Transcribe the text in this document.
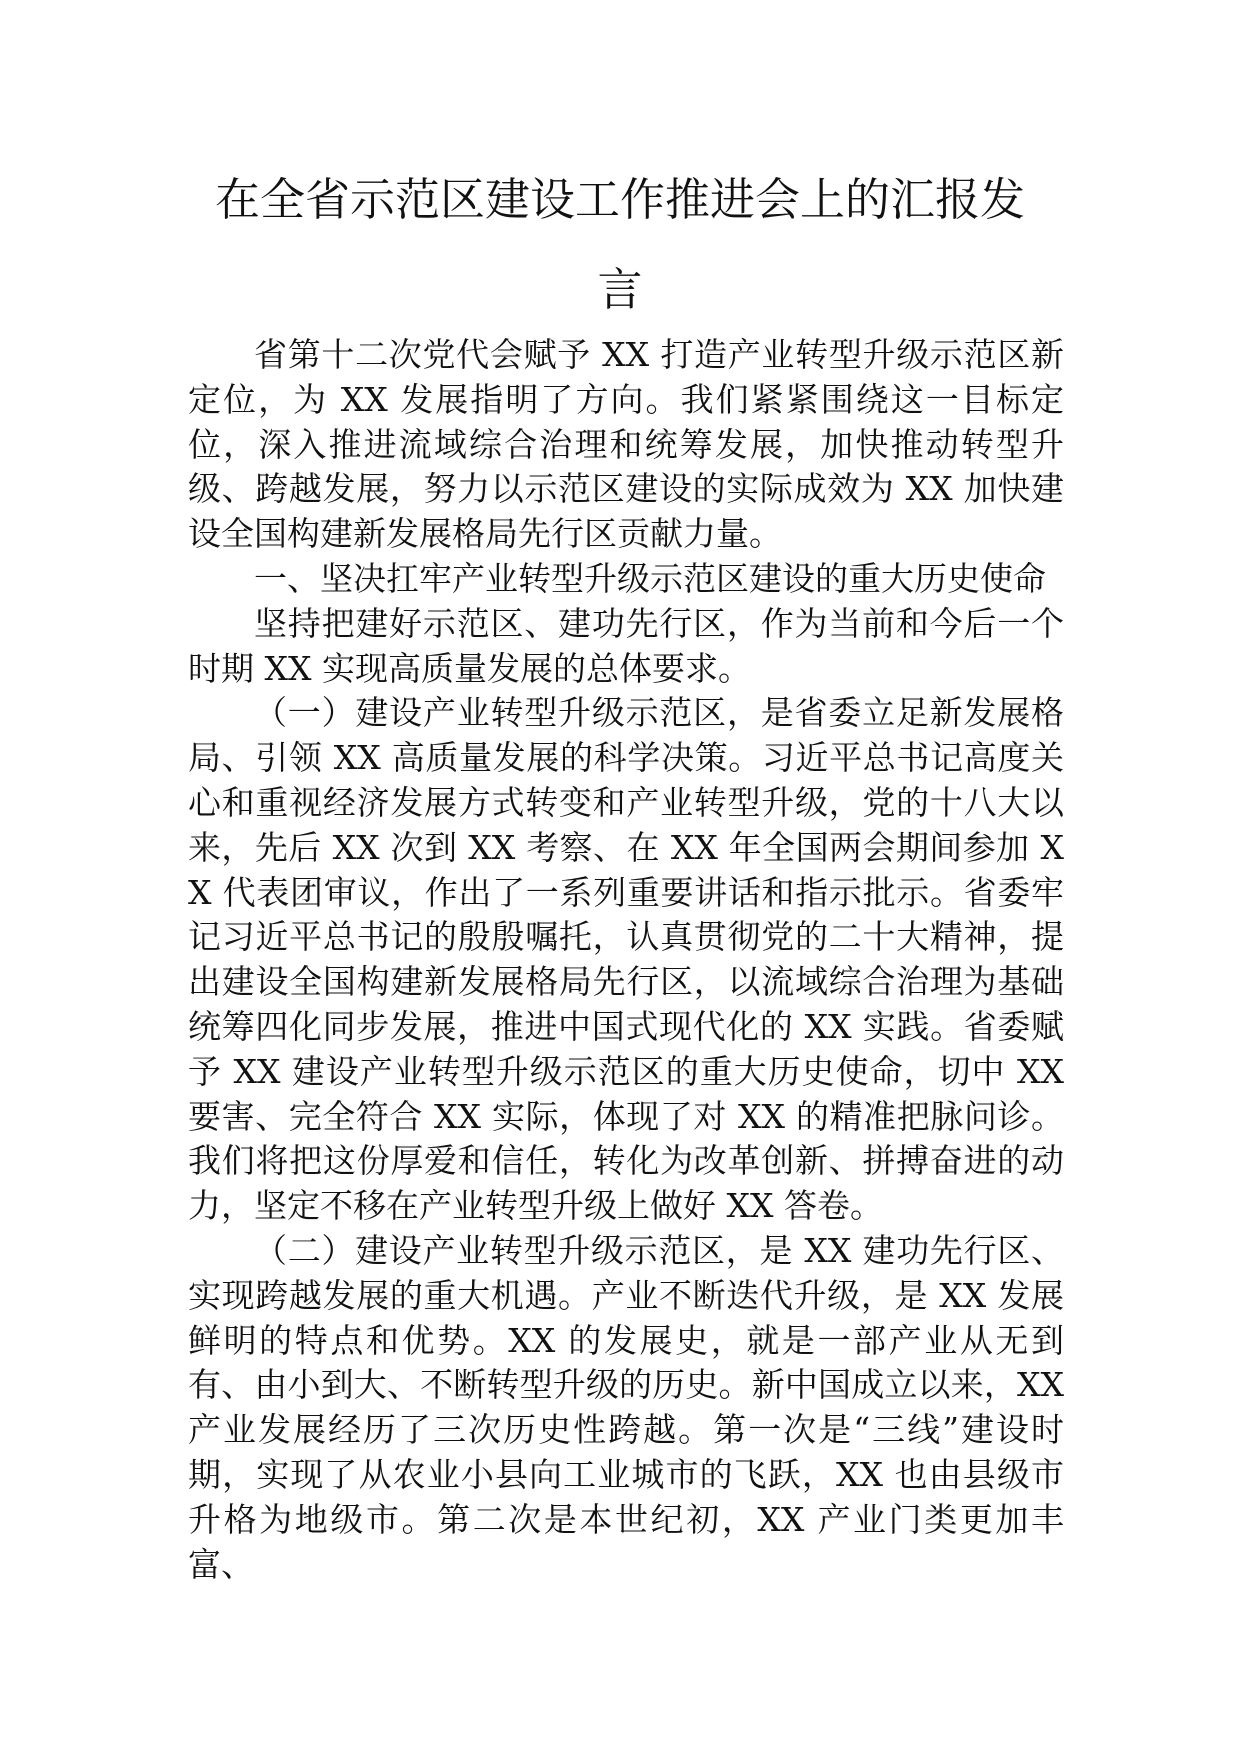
在全省示范区建设工作推进会上的汇报发
言

省第十二次党代会赋予 XX 打造产业转型升级示范区新定位，为 XX 发展指明了方向。我们紧紧围绕这一目标定位，深入推进流域综合治理和统筹发展，加快推动转型升级、跨越发展，努力以示范区建设的实际成效为 XX 加快建设全国构建新发展格局先行区贡献力量。

一、坚决扛牢产业转型升级示范区建设的重大历史使命

坚持把建好示范区、建功先行区，作为当前和今后一个时期 XX 实现高质量发展的总体要求。

（一）建设产业转型升级示范区，是省委立足新发展格局、引领 XX 高质量发展的科学决策。习近平总书记高度关心和重视经济发展方式转变和产业转型升级，党的十八大以来，先后 XX 次到 XX 考察、在 XX 年全国两会期间参加 XX 代表团审议，作出了一系列重要讲话和指示批示。省委牢记习近平总书记的殷殷嘱托，认真贯彻党的二十大精神，提出建设全国构建新发展格局先行区，以流域综合治理为基础统筹四化同步发展，推进中国式现代化的 XX 实践。省委赋予 XX 建设产业转型升级示范区的重大历史使命，切中 XX 要害、完全符合 XX 实际，体现了对 XX 的精准把脉问诊。我们将把这份厚爱和信任，转化为改革创新、拼搏奋进的动力，坚定不移在产业转型升级上做好 XX 答卷。

（二）建设产业转型升级示范区，是 XX 建功先行区、实现跨越发展的重大机遇。产业不断迭代升级，是 XX 发展鲜明的特点和优势。XX 的发展史，就是一部产业从无到有、由小到大、不断转型升级的历史。新中国成立以来，XX 产业发展经历了三次历史性跨越。第一次是“三线”建设时期，实现了从农业小县向工业城市的飞跃，XX 也由县级市升格为地级市。第二次是本世纪初，XX 产业门类更加丰富、
